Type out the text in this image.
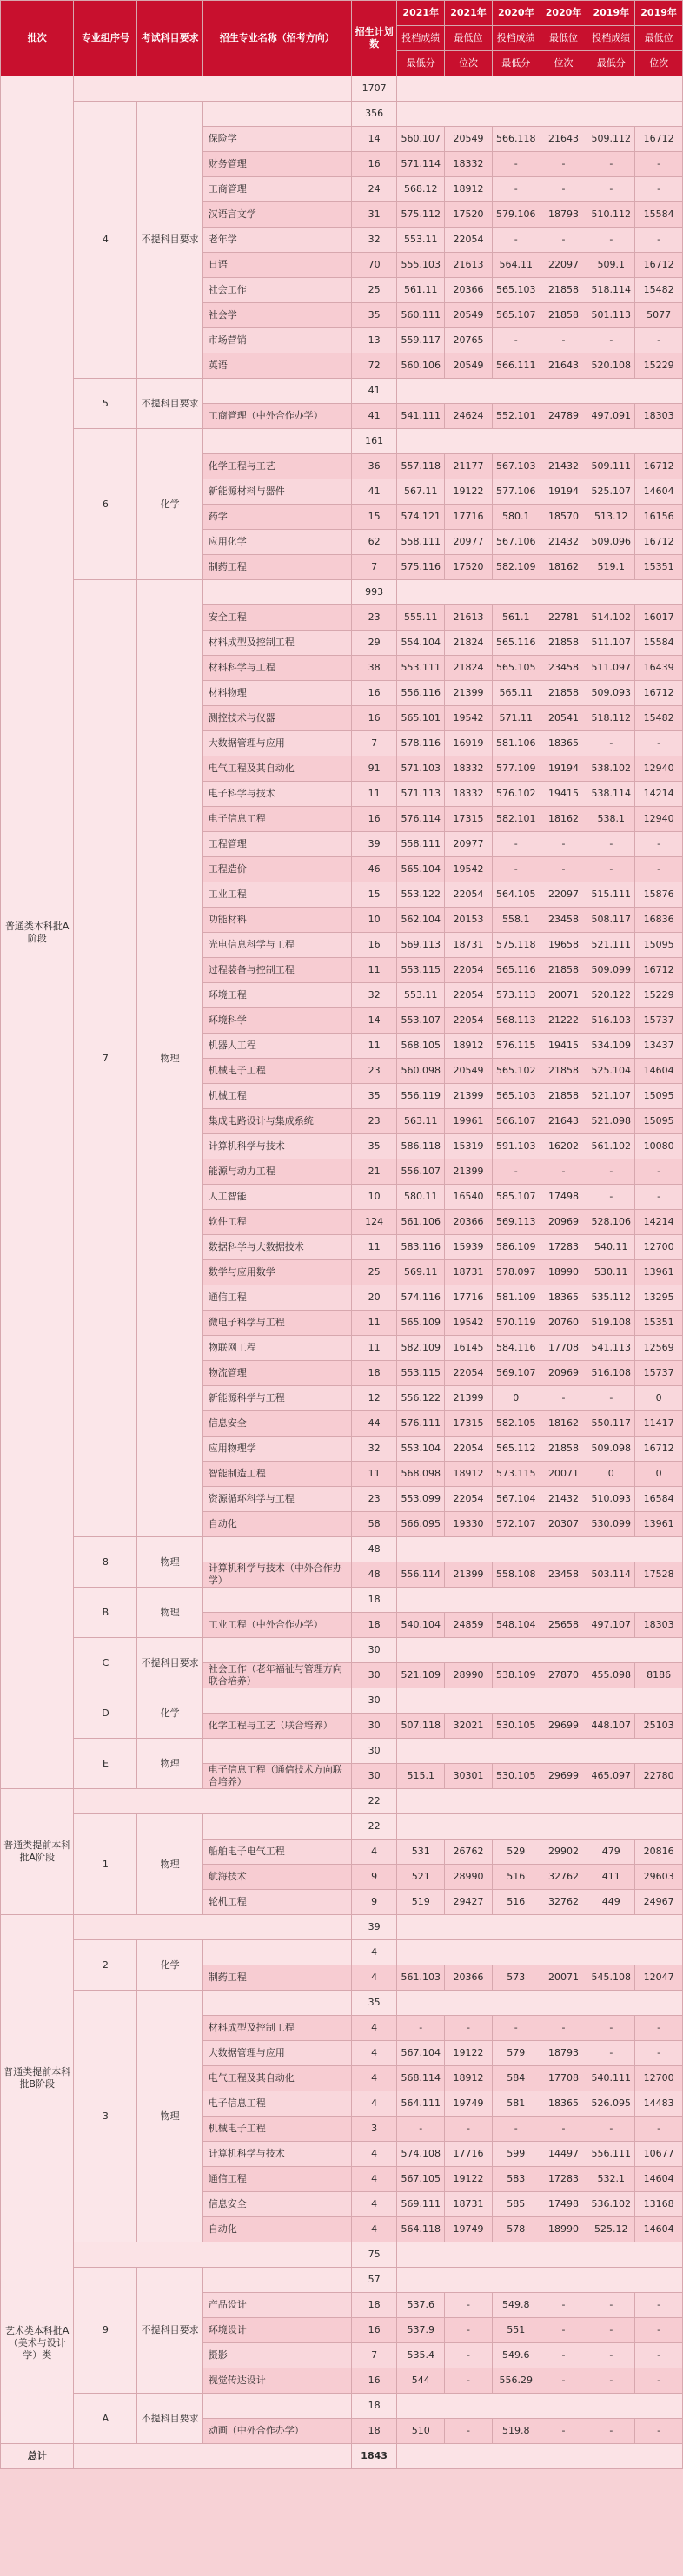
批次	专业组序号	考试科目要求	招生专业名称（招考方向）	招生计划数	2021年	2021年	2020年	2020年	2019年	2019年
					投档成绩	最低位	投档成绩	最低位	投档成绩	最低位
					最低分	位次	最低分	位次	最低分	位次
普通类本科批A阶段				1707						
	4	不提科目要求		356						
			保险学	14	560.107	20549	566.118	21643	509.112	16712
			财务管理	16	571.114	18332	-	-	-	-
			工商管理	24	568.12	18912	-	-	-	-
			汉语言文学	31	575.112	17520	579.106	18793	510.112	15584
			老年学	32	553.11	22054	-	-	-	-
			日语	70	555.103	21613	564.11	22097	509.1	16712
			社会工作	25	561.11	20366	565.103	21858	518.114	15482
			社会学	35	560.111	20549	565.107	21858	501.113	5077
			市场营销	13	559.117	20765	-	-	-	-
			英语	72	560.106	20549	566.111	21643	520.108	15229
	5	不提科目要求		41						
			工商管理（中外合作办学）	41	541.111	24624	552.101	24789	497.091	18303
	6	化学		161						
			化学工程与工艺	36	557.118	21177	567.103	21432	509.111	16712
			新能源材料与器件	41	567.11	19122	577.106	19194	525.107	14604
			药学	15	574.121	17716	580.1	18570	513.12	16156
			应用化学	62	558.111	20977	567.106	21432	509.096	16712
			制药工程	7	575.116	17520	582.109	18162	519.1	15351
	7	物理		993						
			安全工程	23	555.11	21613	561.1	22781	514.102	16017
			材料成型及控制工程	29	554.104	21824	565.116	21858	511.107	15584
			材料科学与工程	38	553.111	21824	565.105	23458	511.097	16439
			材料物理	16	556.116	21399	565.11	21858	509.093	16712
			测控技术与仪器	16	565.101	19542	571.11	20541	518.112	15482
			大数据管理与应用	7	578.116	16919	581.106	18365	-	-
			电气工程及其自动化	91	571.103	18332	577.109	19194	538.102	12940
			电子科学与技术	11	571.113	18332	576.102	19415	538.114	14214
			电子信息工程	16	576.114	17315	582.101	18162	538.1	12940
			工程管理	39	558.111	20977	-	-	-	-
			工程造价	46	565.104	19542	-	-	-	-
			工业工程	15	553.122	22054	564.105	22097	515.111	15876
			功能材料	10	562.104	20153	558.1	23458	508.117	16836
			光电信息科学与工程	16	569.113	18731	575.118	19658	521.111	15095
			过程装备与控制工程	11	553.115	22054	565.116	21858	509.099	16712
			环境工程	32	553.11	22054	573.113	20071	520.122	15229
			环境科学	14	553.107	22054	568.113	21222	516.103	15737
			机器人工程	11	568.105	18912	576.115	19415	534.109	13437
			机械电子工程	23	560.098	20549	565.102	21858	525.104	14604
			机械工程	35	556.119	21399	565.103	21858	521.107	15095
			集成电路设计与集成系统	23	563.11	19961	566.107	21643	521.098	15095
			计算机科学与技术	35	586.118	15319	591.103	16202	561.102	10080
			能源与动力工程	21	556.107	21399	-	-	-	-
			人工智能	10	580.11	16540	585.107	17498	-	-
			软件工程	124	561.106	20366	569.113	20969	528.106	14214
			数据科学与大数据技术	11	583.116	15939	586.109	17283	540.11	12700
			数学与应用数学	25	569.11	18731	578.097	18990	530.11	13961
			通信工程	20	574.116	17716	581.109	18365	535.112	13295
			微电子科学与工程	11	565.109	19542	570.119	20760	519.108	15351
			物联网工程	11	582.109	16145	584.116	17708	541.113	12569
			物流管理	18	553.115	22054	569.107	20969	516.108	15737
			新能源科学与工程	12	556.122	21399	0	-	-	0
			信息安全	44	576.111	17315	582.105	18162	550.117	11417
			应用物理学	32	553.104	22054	565.112	21858	509.098	16712
			智能制造工程	11	568.098	18912	573.115	20071	0	0
			资源循环科学与工程	23	553.099	22054	567.104	21432	510.093	16584
			自动化	58	566.095	19330	572.107	20307	530.099	13961
	8	物理		48						
			计算机科学与技术（中外合作办学）	48	556.114	21399	558.108	23458	503.114	17528
	B	物理		18						
			工业工程（中外合作办学）	18	540.104	24859	548.104	25658	497.107	18303
	C	不提科目要求		30						
			社会工作（老年福祉与管理方向联合培养）	30	521.109	28990	538.109	27870	455.098	8186
	D	化学		30						
			化学工程与工艺（联合培养）	30	507.118	32021	530.105	29699	448.107	25103
	E	物理		30						
			电子信息工程（通信技术方向联合培养）	30	515.1	30301	530.105	29699	465.097	22780
普通类提前本科批A阶段				22						
	1	物理		22						
			船舶电子电气工程	4	531	26762	529	29902	479	20816
			航海技术	9	521	28990	516	32762	411	29603
			轮机工程	9	519	29427	516	32762	449	24967
普通类提前本科批B阶段				39						
	2	化学		4						
			制药工程	4	561.103	20366	573	20071	545.108	12047
	3	物理		35						
			材料成型及控制工程	4	-	-	-	-	-	-
			大数据管理与应用	4	567.104	19122	579	18793	-	-
			电气工程及其自动化	4	568.114	18912	584	17708	540.111	12700
			电子信息工程	4	564.111	19749	581	18365	526.095	14483
			机械电子工程	3	-	-	-	-	-	-
			计算机科学与技术	4	574.108	17716	599	14497	556.111	10677
			通信工程	4	567.105	19122	583	17283	532.1	14604
			信息安全	4	569.111	18731	585	17498	536.102	13168
			自动化	4	564.118	19749	578	18990	525.12	14604
艺术类本科批A（美术与设计学）类				75						
	9	不提科目要求		57						
			产品设计	18	537.6	-	549.8	-	-	-
			环境设计	16	537.9	-	551	-	-	-
			摄影	7	535.4	-	549.6	-	-	-
			视觉传达设计	16	544	-	556.29	-	-	-
	A	不提科目要求		18						
			动画（中外合作办学）	18	510	-	519.8	-	-	-
总计				1843						
